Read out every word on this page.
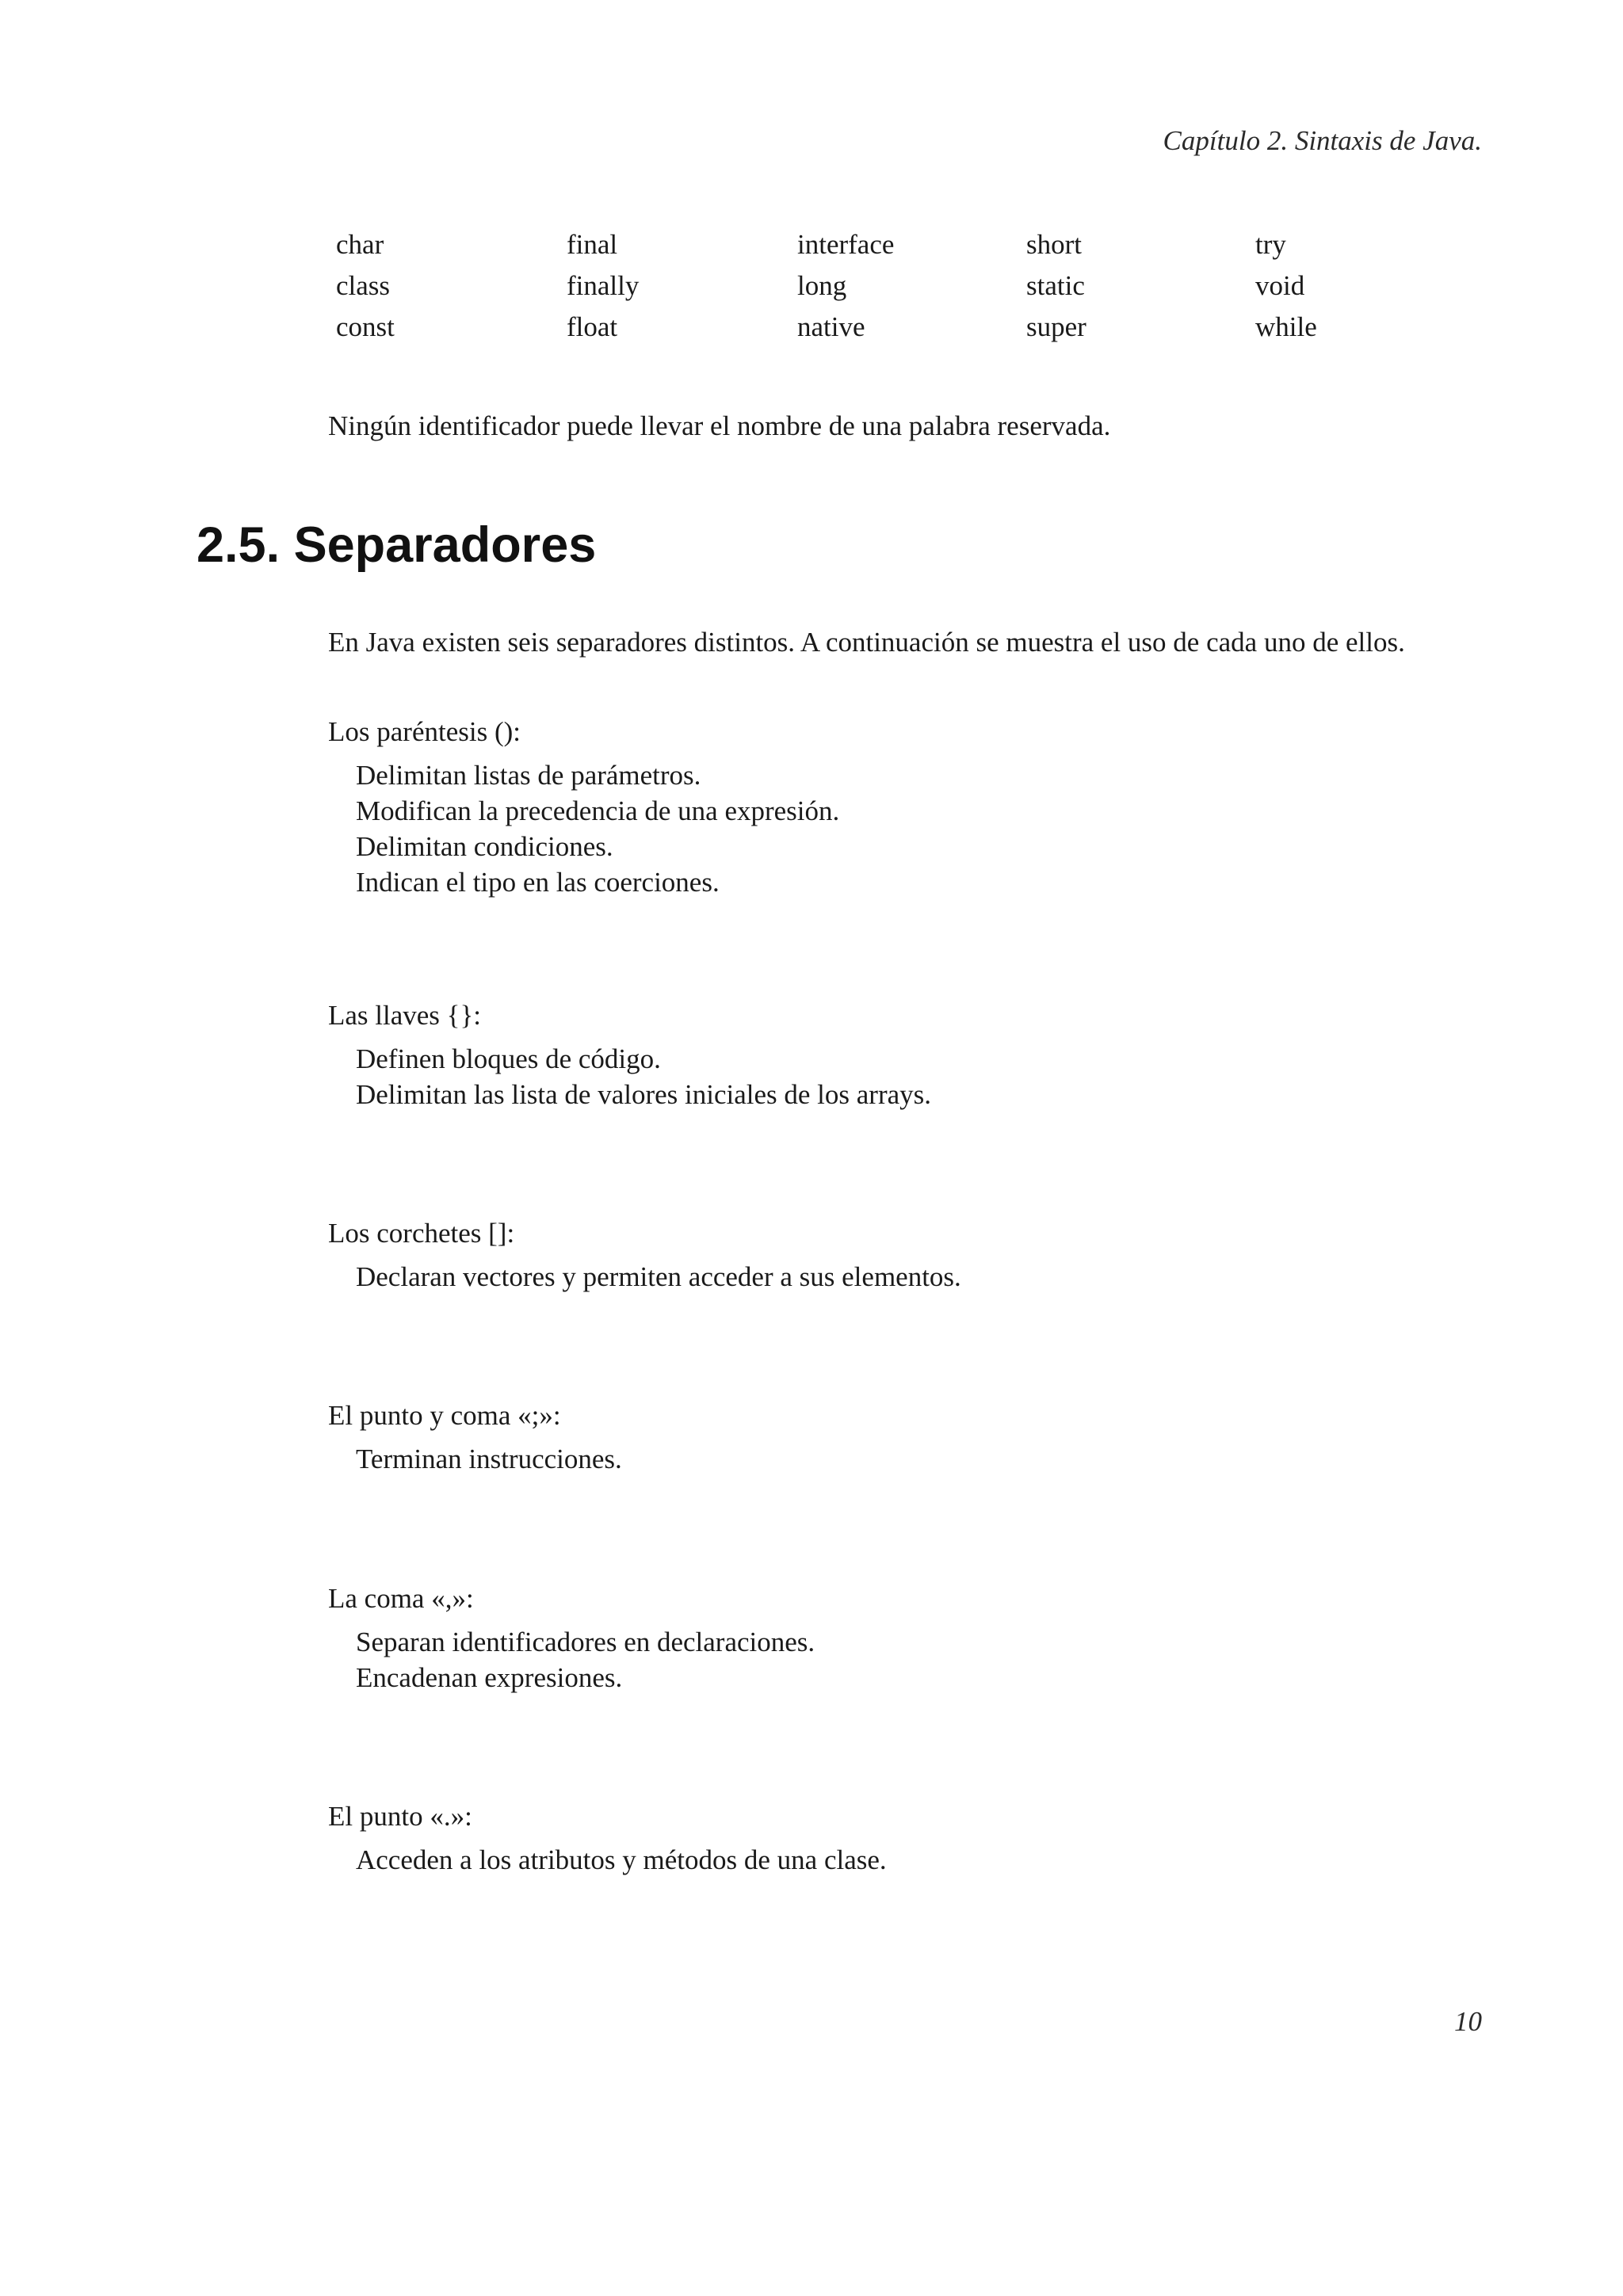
Capítulo 2. Sintaxis de Java.
char	final	interface	short	try
class	finally	long	static	void
const	float	native	super	while

Ningún identificador puede llevar el nombre de una palabra reservada.

2.5. Separadores

En Java existen seis separadores distintos. A continuación se muestra el uso de cada uno de ellos.

Los paréntesis ():
Delimitan listas de parámetros.
Modifican la precedencia de una expresión.
Delimitan condiciones.
Indican el tipo en las coerciones.
Las llaves {}:
Definen bloques de código.
Delimitan las lista de valores iniciales de los arrays.
Los corchetes []:
Declaran vectores y permiten acceder a sus elementos.
El punto y coma «;»:
Terminan instrucciones.
La coma «,»:
Separan identificadores en declaraciones.
Encadenan expresiones.
El punto «.»:
Acceden a los atributos y métodos de una clase.
10
